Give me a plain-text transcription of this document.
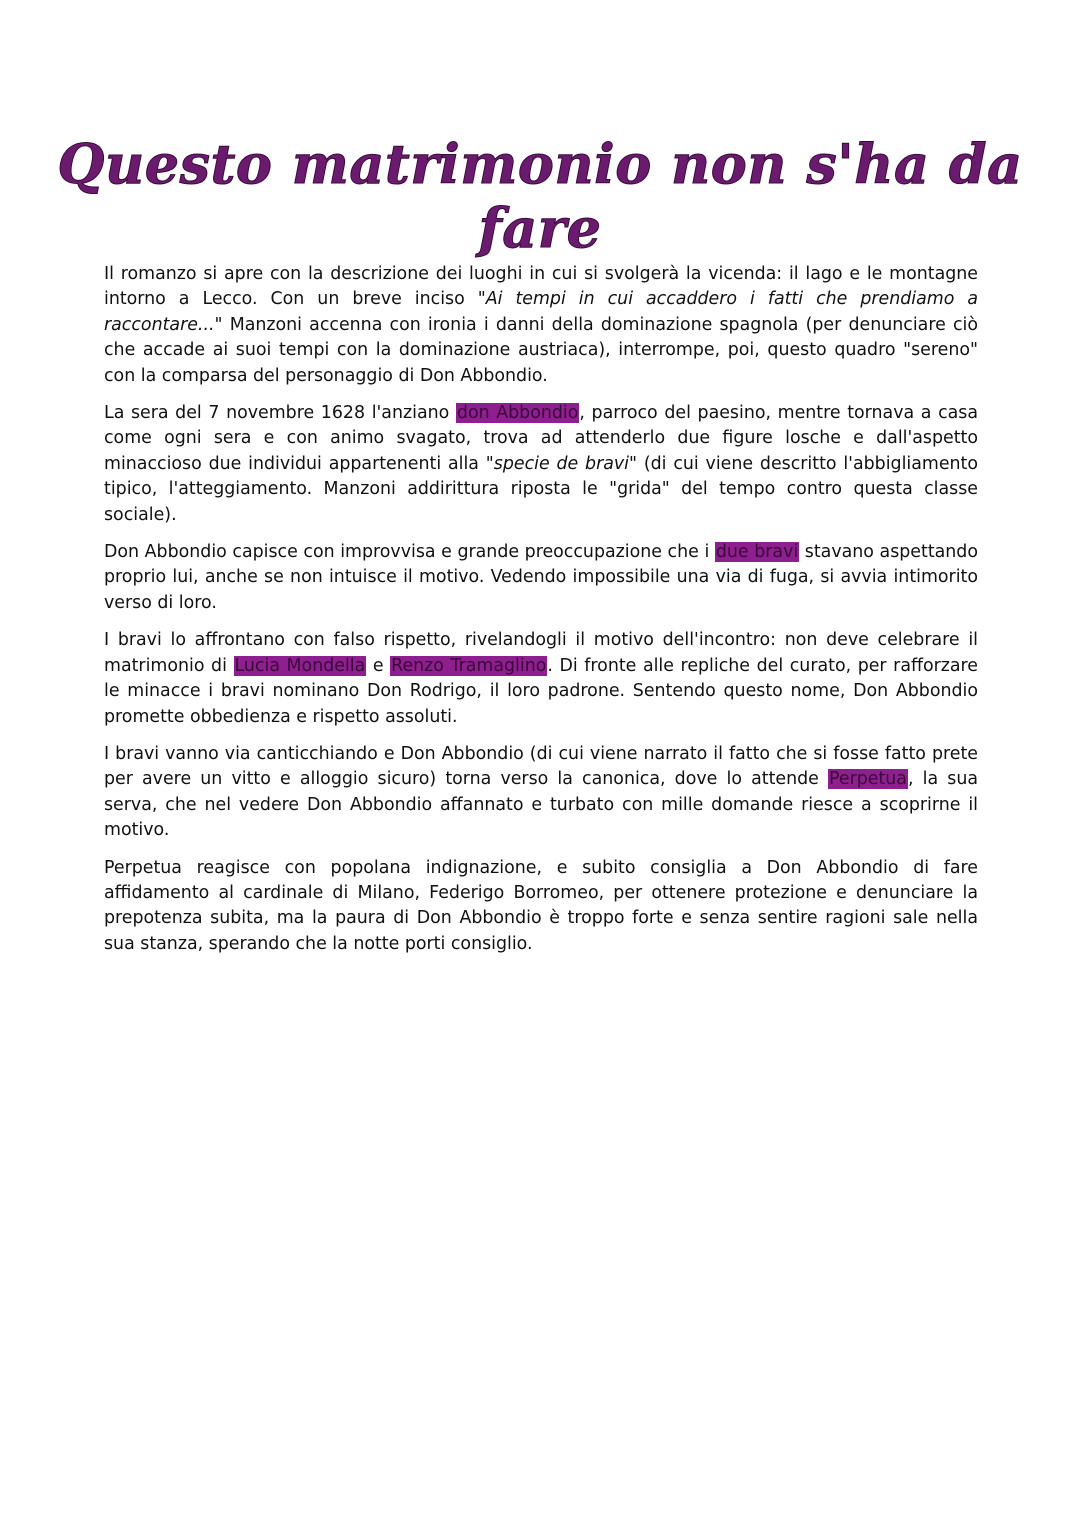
Questo matrimonio non s'ha da fare

Il romanzo si apre con la descrizione dei luoghi in cui si svolgerà la vicenda: il lago e le montagne intorno a Lecco. Con un breve inciso "Ai tempi in cui accaddero i fatti che prendiamo a raccontare..." Manzoni accenna con ironia i danni della dominazione spagnola (per denunciare ciò che accade ai suoi tempi con la dominazione austriaca), interrompe, poi, questo quadro "sereno" con la comparsa del personaggio di Don Abbondio.

La sera del 7 novembre 1628 l'anziano don Abbondio, parroco del paesino, mentre tornava a casa come ogni sera e con animo svagato, trova ad attenderlo due figure losche e dall'aspetto minaccioso due individui appartenenti alla "specie de bravi" (di cui viene descritto l'abbigliamento tipico, l'atteggiamento. Manzoni addirittura riposta le "grida" del tempo contro questa classe sociale).

Don Abbondio capisce con improvvisa e grande preoccupazione che i due bravi stavano aspettando proprio lui, anche se non intuisce il motivo. Vedendo impossibile una via di fuga, si avvia intimorito verso di loro.

I bravi lo affrontano con falso rispetto, rivelandogli il motivo dell'incontro: non deve celebrare il matrimonio di Lucia Mondella e Renzo Tramaglino. Di fronte alle repliche del curato, per rafforzare le minacce i bravi nominano Don Rodrigo, il loro padrone. Sentendo questo nome, Don Abbondio promette obbedienza e rispetto assoluti.

I bravi vanno via canticchiando e Don Abbondio (di cui viene narrato il fatto che si fosse fatto prete per avere un vitto e alloggio sicuro) torna verso la canonica, dove lo attende Perpetua, la sua serva, che nel vedere Don Abbondio affannato e turbato con mille domande riesce a scoprirne il motivo.

Perpetua reagisce con popolana indignazione, e subito consiglia a Don Abbondio di fare affidamento al cardinale di Milano, Federigo Borromeo, per ottenere protezione e denunciare la prepotenza subita, ma la paura di Don Abbondio è troppo forte e senza sentire ragioni sale nella sua stanza, sperando che la notte porti consiglio.
